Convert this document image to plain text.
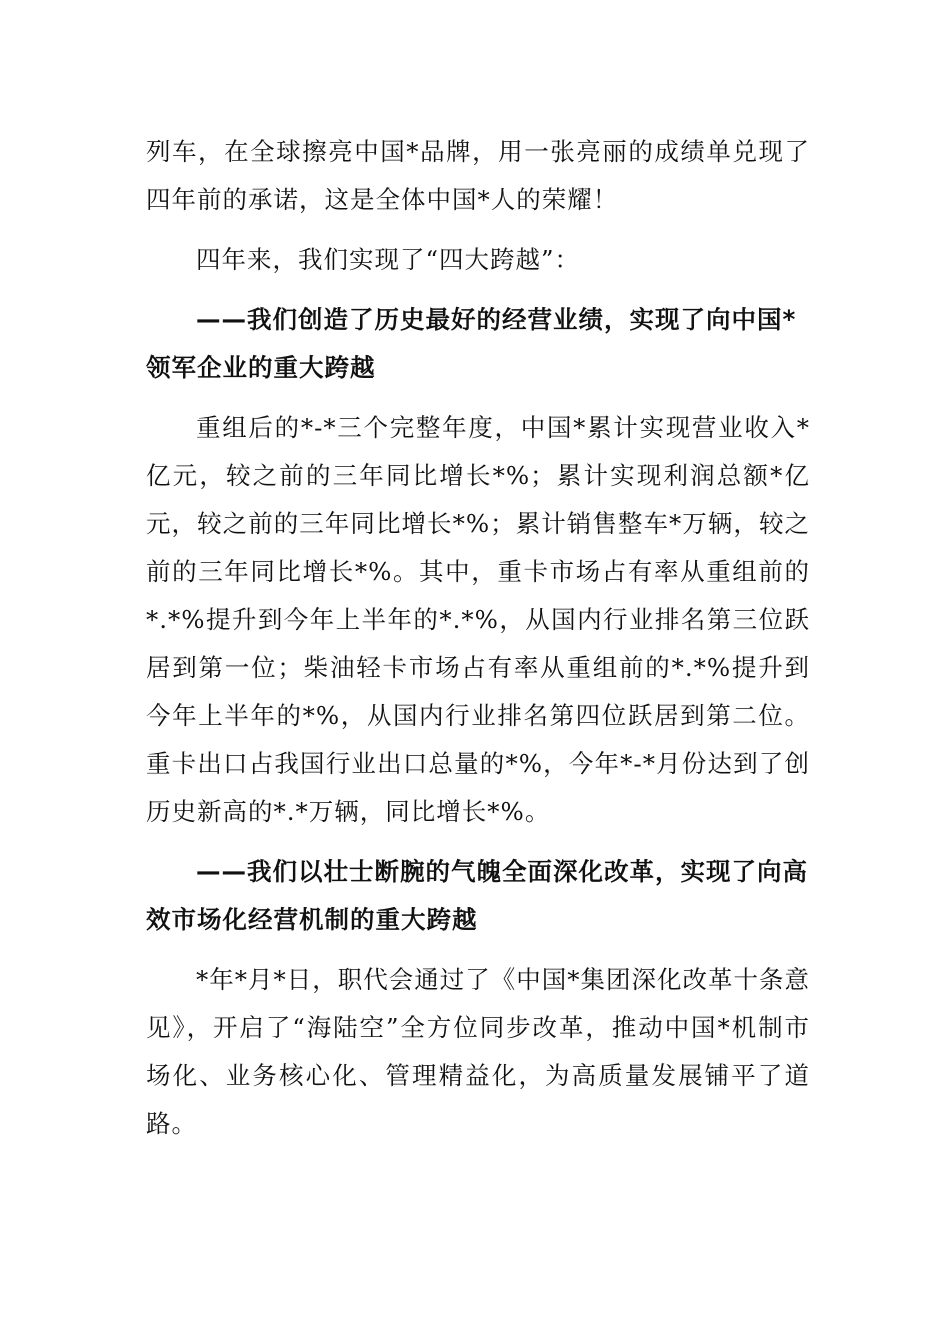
列车，在全球擦亮中国*品牌，用一张亮丽的成绩单兑现了四年前的承诺，这是全体中国*人的荣耀！

四年来，我们实现了“四大跨越”：

——我们创造了历史最好的经营业绩，实现了向中国*领军企业的重大跨越

重组后的*-*三个完整年度，中国*累计实现营业收入*亿元，较之前的三年同比增长*%；累计实现利润总额*亿元，较之前的三年同比增长*%；累计销售整车*万辆，较之前的三年同比增长*%。其中，重卡市场占有率从重组前的*.*%提升到今年上半年的*.*%，从国内行业排名第三位跃居到第一位；柴油轻卡市场占有率从重组前的*.*%提升到今年上半年的*%，从国内行业排名第四位跃居到第二位。重卡出口占我国行业出口总量的*%，今年*-*月份达到了创历史新高的*.*万辆，同比增长*%。

——我们以壮士断腕的气魄全面深化改革，实现了向高效市场化经营机制的重大跨越

*年*月*日，职代会通过了《中国*集团深化改革十条意见》，开启了“海陆空”全方位同步改革，推动中国*机制市场化、业务核心化、管理精益化，为高质量发展铺平了道路。
